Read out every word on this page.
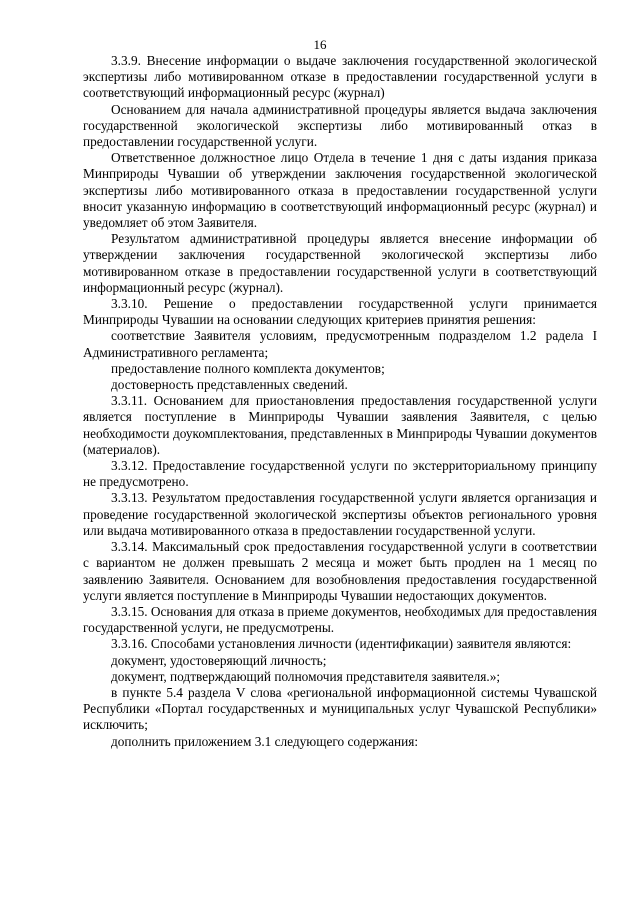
16

3.3.9. Внесение информации о выдаче заключения государственной экологической экспертизы либо мотивированном отказе в предоставлении государственной услуги в соответствующий информационный ресурс (журнал)

Основанием для начала административной процедуры является выдача заключения государственной экологической экспертизы либо мотивированный отказ в предоставлении государственной услуги.

Ответственное должностное лицо Отдела в течение 1 дня с даты издания приказа Минприроды Чувашии об утверждении заключения государственной экологической экспертизы либо мотивированного отказа в предоставлении государственной услуги вносит указанную информацию в соответствующий информационный ресурс (журнал) и уведомляет об этом Заявителя.

Результатом административной процедуры является внесение информации об утверждении заключения государственной экологической экспертизы либо мотивированном отказе в предоставлении государственной услуги в соответствующий информационный ресурс (журнал).

3.3.10. Решение о предоставлении государственной услуги принимается Минприроды Чувашии на основании следующих критериев принятия решения:

соответствие Заявителя условиям, предусмотренным подразделом 1.2 радела I Административного регламента;

предоставление полного комплекта документов;

достоверность представленных сведений.

3.3.11. Основанием для приостановления предоставления государственной услуги является поступление в Минприроды Чувашии заявления Заявителя, с целью необходимости доукомплектования, представленных в Минприроды Чувашии документов (материалов).

3.3.12. Предоставление государственной услуги по экстерриториальному принципу не предусмотрено.

3.3.13. Результатом предоставления государственной услуги является организация и проведение государственной экологической экспертизы объектов регионального уровня или выдача мотивированного отказа в предоставлении государственной услуги.

3.3.14. Максимальный срок предоставления государственной услуги в соответствии с вариантом не должен превышать 2 месяца и может быть продлен на 1 месяц по заявлению Заявителя. Основанием для возобновления предоставления государственной услуги является поступление в Минприроды Чувашии недостающих документов.

3.3.15. Основания для отказа в приеме документов, необходимых для предоставления государственной услуги, не предусмотрены.

3.3.16. Способами установления личности (идентификации) заявителя являются:

документ, удостоверяющий личность;

документ, подтверждающий полномочия представителя заявителя.»;

в пункте 5.4 раздела V слова «региональной информационной системы Чувашской Республики «Портал государственных и муниципальных услуг Чувашской Республики» исключить;

дополнить приложением 3.1 следующего содержания:
